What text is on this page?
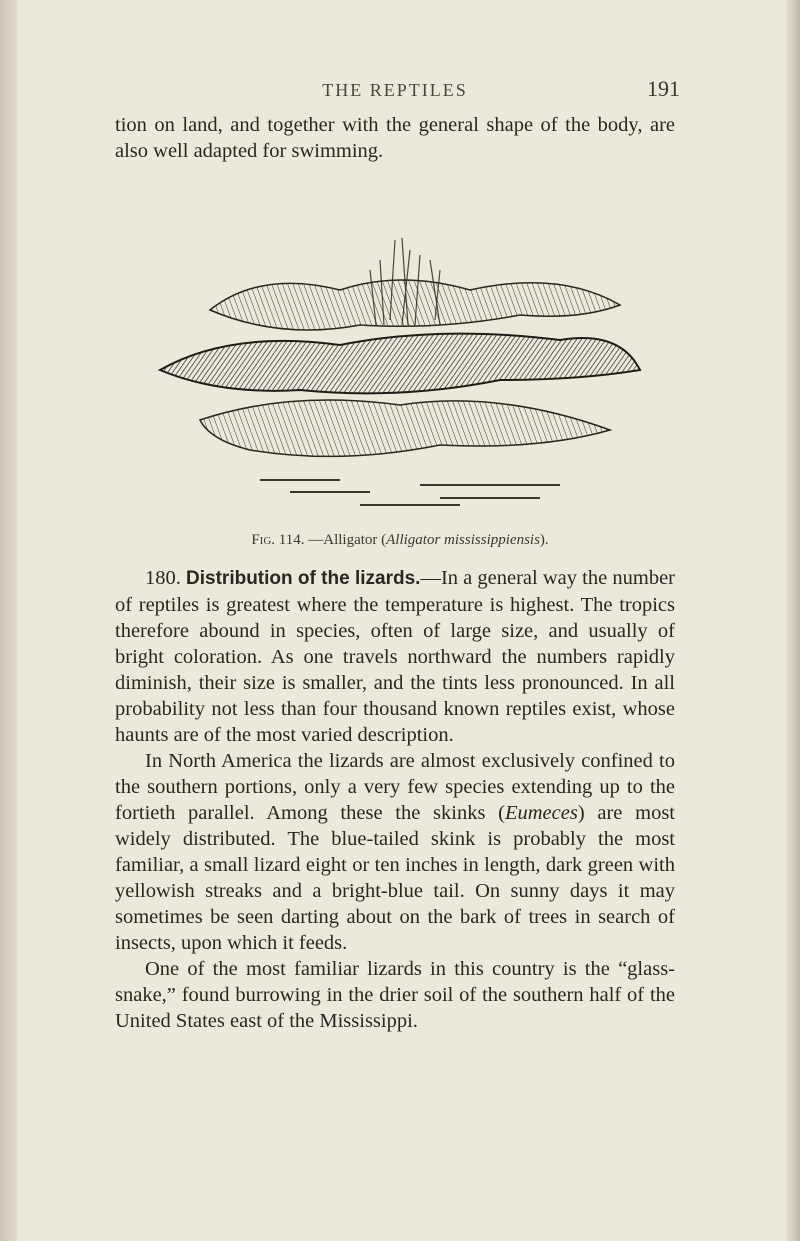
THE REPTILES	191

tion on land, and together with the general shape of the body, are also well adapted for swimming.

Fig. 114. —Alligator (Alligator mississippiensis).

180. Distribution of the lizards.—In a general way the number of reptiles is greatest where the temperature is highest. The tropics therefore abound in species, often of large size, and usually of bright coloration. As one travels northward the numbers rapidly diminish, their size is smaller, and the tints less pronounced. In all probability not less than four thousand known reptiles exist, whose haunts are of the most varied description.

In North America the lizards are almost exclusively confined to the southern portions, only a very few species extending up to the fortieth parallel. Among these the skinks (Eumeces) are most widely distributed. The blue-tailed skink is probably the most familiar, a small lizard eight or ten inches in length, dark green with yellowish streaks and a bright-blue tail. On sunny days it may sometimes be seen darting about on the bark of trees in search of insects, upon which it feeds.

One of the most familiar lizards in this country is the “glass-snake,” found burrowing in the drier soil of the southern half of the United States east of the Mississippi.
